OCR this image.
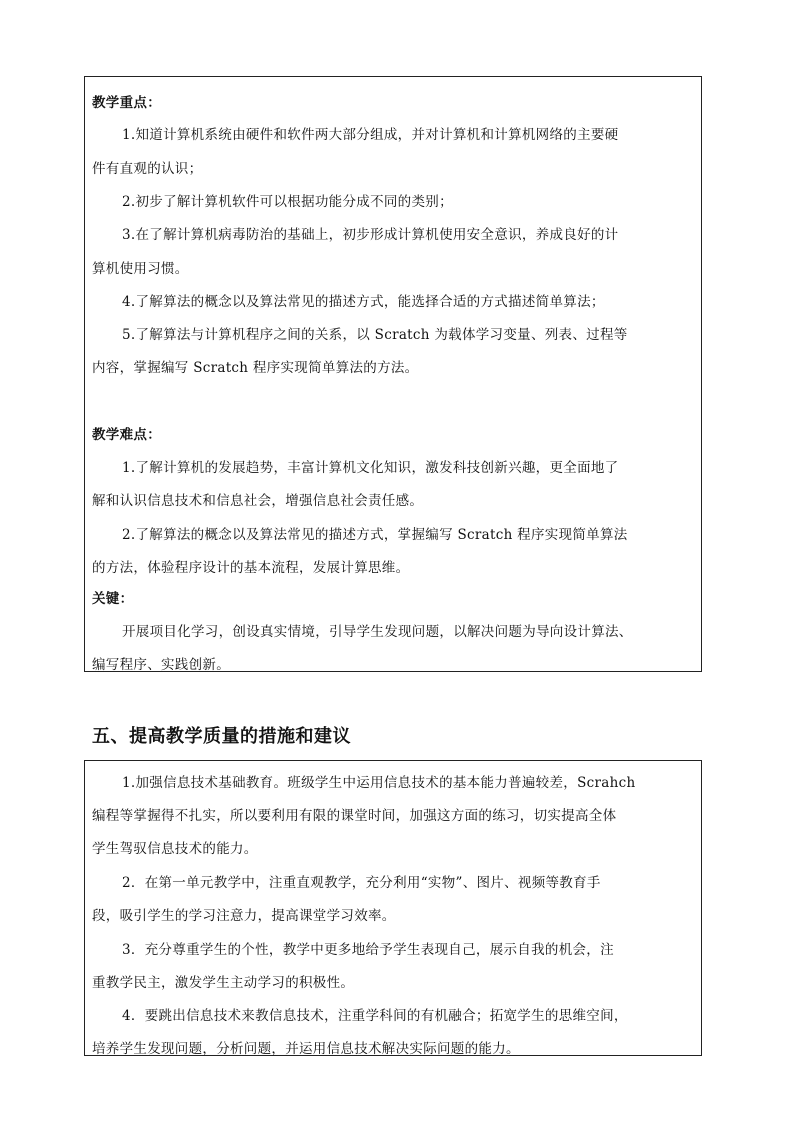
教学重点：
1.知道计算机系统由硬件和软件两大部分组成，并对计算机和计算机网络的主要硬
件有直观的认识；
2.初步了解计算机软件可以根据功能分成不同的类别；
3.在了解计算机病毒防治的基础上，初步形成计算机使用安全意识，养成良好的计
算机使用习惯。
4.了解算法的概念以及算法常见的描述方式，能选择合适的方式描述简单算法；
5.了解算法与计算机程序之间的关系，以 Scratch 为载体学习变量、列表、过程等
内容，掌握编写 Scratch 程序实现简单算法的方法。
教学难点：
1.了解计算机的发展趋势，丰富计算机文化知识，激发科技创新兴趣，更全面地了
解和认识信息技术和信息社会，增强信息社会责任感。
2.了解算法的概念以及算法常见的描述方式，掌握编写 Scratch 程序实现简单算法
的方法，体验程序设计的基本流程，发展计算思维。
关键：
开展项目化学习，创设真实情境，引导学生发现问题，以解决问题为导向设计算法、
编写程序、实践创新。
五、提高教学质量的措施和建议
1.加强信息技术基础教育。班级学生中运用信息技术的基本能力普遍较差，Scrahch
编程等掌握得不扎实，所以要利用有限的课堂时间，加强这方面的练习，切实提高全体
学生驾驭信息技术的能力。
2．在第一单元教学中，注重直观教学，充分利用“实物”、图片、视频等教育手
段，吸引学生的学习注意力，提高课堂学习效率。
3．充分尊重学生的个性，教学中更多地给予学生表现自己，展示自我的机会，注
重教学民主，激发学生主动学习的积极性。
4．要跳出信息技术来教信息技术，注重学科间的有机融合；拓宽学生的思维空间，
培养学生发现问题，分析问题，并运用信息技术解决实际问题的能力。
